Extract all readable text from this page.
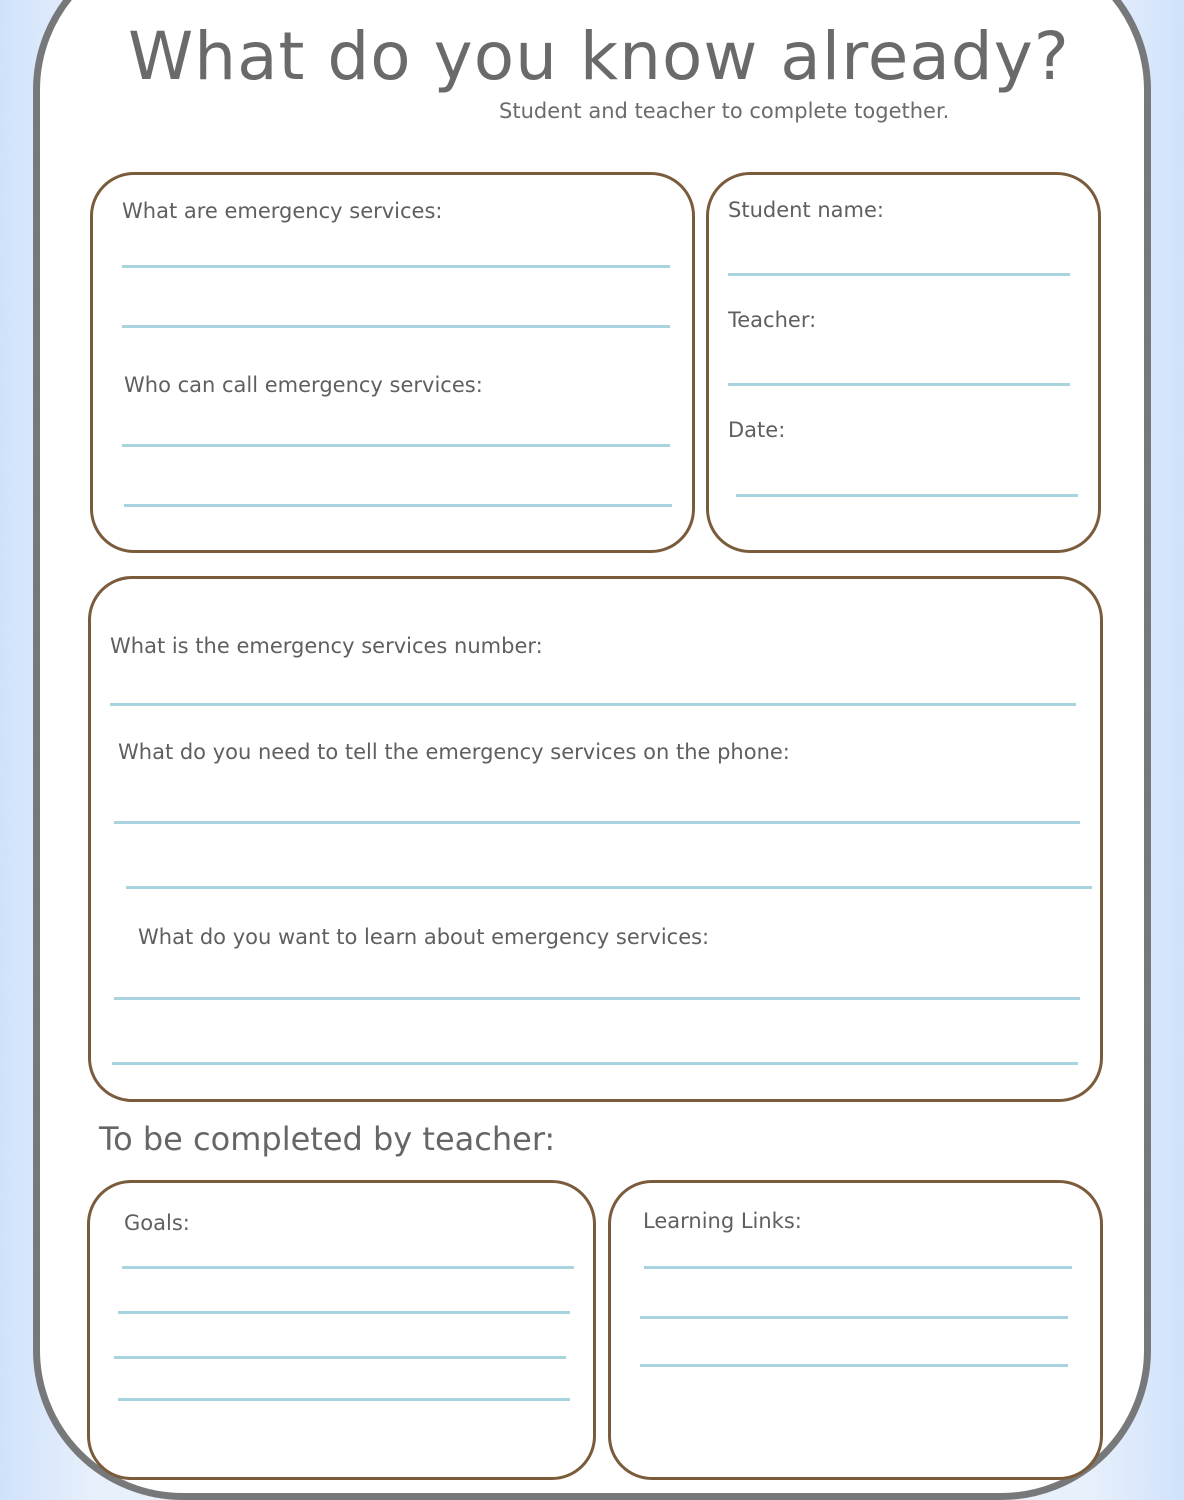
What do you know already?
Student and teacher to complete together.
What are emergency services:
Who can call emergency services:
Student name:
Teacher:
Date:
What is the emergency services number:
What do you need to tell the emergency services on the phone:
What do you want to learn about emergency services:
To be completed by teacher:
Goals:	Learning Links:
